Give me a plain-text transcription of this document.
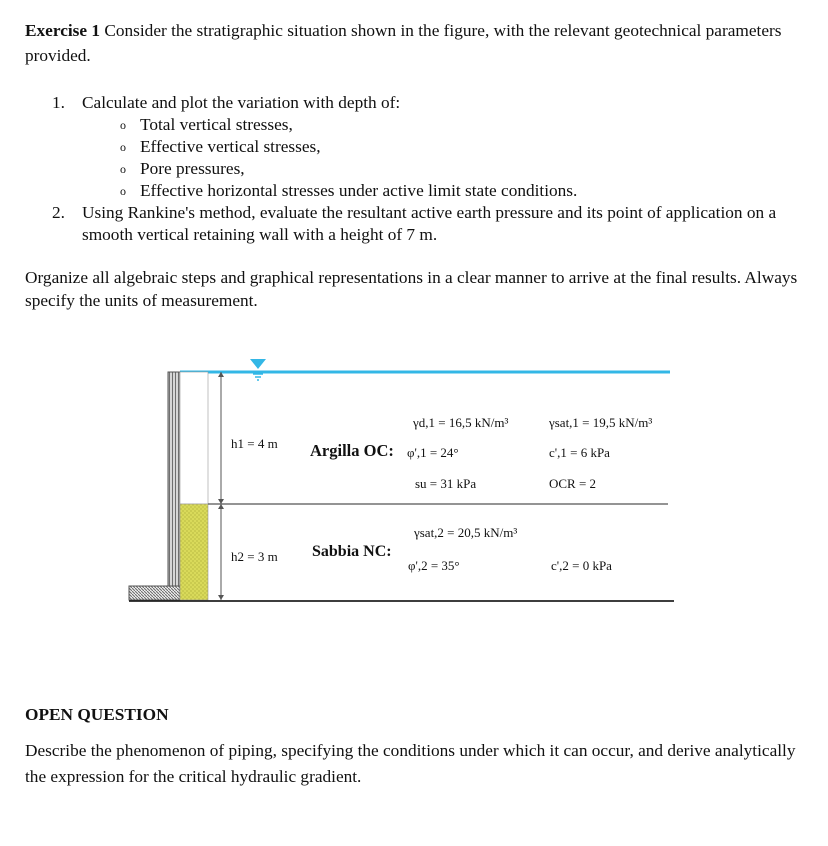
Exercise 1 Consider the stratigraphic situation shown in the figure, with the relevant geotechnical parameters provided.
1. Calculate and plot the variation with depth of:
o Total vertical stresses,
o Effective vertical stresses,
o Pore pressures,
o Effective horizontal stresses under active limit state conditions.
2. Using Rankine's method, evaluate the resultant active earth pressure and its point of application on a smooth vertical retaining wall with a height of 7 m.
Organize all algebraic steps and graphical representations in a clear manner to arrive at the final results. Always specify the units of measurement.
h1 = 4 m Argilla OC:
γd,1 = 16,5 kN/m³	γsat,1 = 19,5 kN/m³
φ',1 = 24°	c',1 = 6 kPa
su = 31 kPa	OCR = 2
h2 = 3 m Sabbia NC:
γsat,2 = 20,5 kN/m³
φ',2 = 35°	c',2 = 0 kPa
OPEN QUESTION
Describe the phenomenon of piping, specifying the conditions under which it can occur, and derive analytically the expression for the critical hydraulic gradient.
